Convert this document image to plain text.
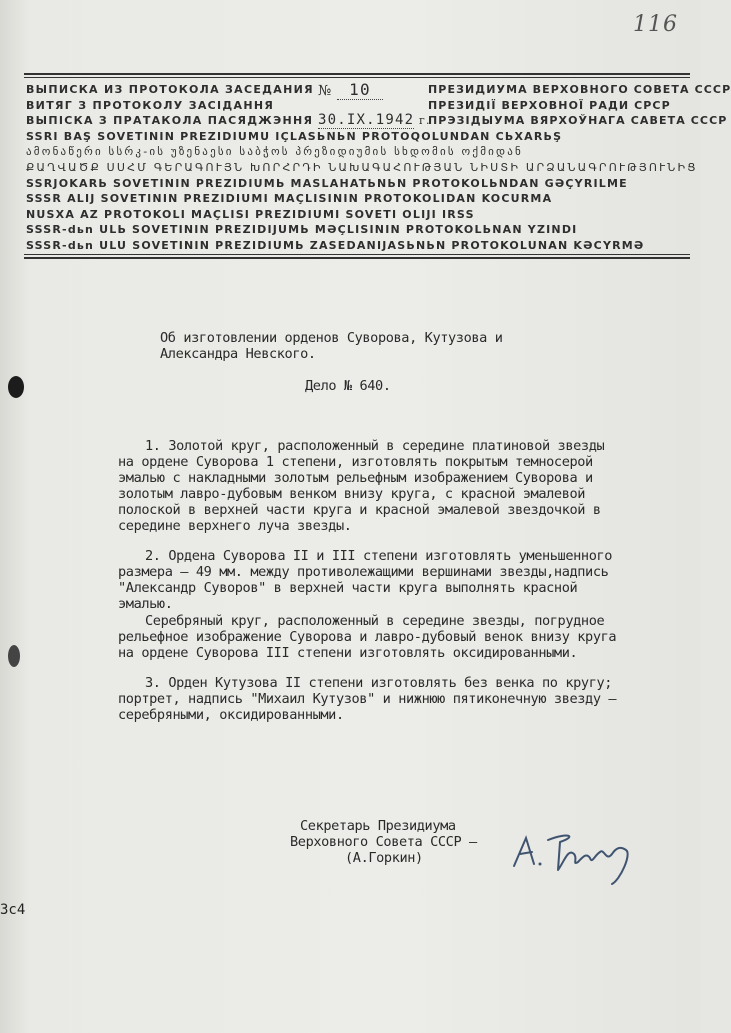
116
ВЫПИСКА ИЗ ПРОТОКОЛА ЗАСЕДАНИЯ № 10	ПРЕЗИДИУМА ВЕРХОВНОГО СОВЕТА СССР
ВИТЯГ З ПРОТОКОЛУ ЗАСІДАННЯ	ПРЕЗИДІЇ ВЕРХОВНОЇ РАДИ СРСР
ВЫПІСКА З ПРАТАКОЛА ПАСЯДЖЭННЯ 30.IX.1942 г.
ПРЭЗІДЫУМА ВЯРХОЎНАГА САВЕТА СССР
SSRI BAŞ SOVETININ PREZIDIUMU IÇLASЬNЬN PROTOQOLUNDAN CЬXARЬŞ
ამონაწერი სსრკ-ის უზენაესი საბჭოს პრეზიდიუმის სხდომის ოქმიდან
ՔԱՂՎԱԾՔ ՍՍՀՄ ԳԵՐԱԳՈՒՅՆ ԽՈՐՀՐԴԻ ՆԱԽԱԳԱՀՈՒԹՅԱՆ ՆԻՍՏԻ ԱՐՁԱՆԱԳՐՈՒԹՅՈՒՆԻՑ
SSRJOKARЬ SOVETININ PREZIDIUMЬ MASLAHATЬNЬN PROTOKOLЬNDAN GƏÇYRILME
SSSR ALIJ SOVETININ PREZIDIUMI MAÇLISININ PROTOKOLIDAN KOCURMA
NUSXA AZ PROTOKOLI MAÇLISI PREZIDIUMI SOVETI OLIJI IRSS
SSSR-dьn ULЬ SOVETININ PREZIDIJUMЬ MƏÇLISININ PROTOKOLЬNAN YZINDI
SSSR-dьn ULU SOVETININ PREZIDIUMЬ ZASEDANIJASЬNЬN PROTOKOLUNAN KƏCYRMƏ
Об изготовлении орденов Суворова, Кутузова и
Александра Невского.
Дело № 640.
1. Золотой круг, расположенный в середине платиновой звезды
на ордене Суворова 1 степени, изготовлять покрытым темносерой
эмалью с накладными золотым рельефным изображением Суворова и
золотым лавро-дубовым венком внизу круга, с красной эмалевой
полоской в верхней части круга и красной эмалевой звездочкой в
середине верхнего луча звезды.
2. Ордена Суворова II и III степени изготовлять уменьшенного
размера – 49 мм. между противолежащими вершинами звезды,надпись
"Александр Суворов" в верхней части круга выполнять красной
эмалью.
Серебряный круг, расположенный в середине звезды, погрудное
рельефное изображение Суворова и лавро-дубовый венок внизу круга
на ордене Суворова III степени изготовлять оксидированными.
3. Орден Кутузова II степени изготовлять без венка по кругу;
портрет, надпись "Михаил Кутузов" и нижнюю пятиконечную звезду –
серебряными, оксидированными.
Секретарь Президиума
Верховного Совета СССР –
(А.Горкин)
3с4
